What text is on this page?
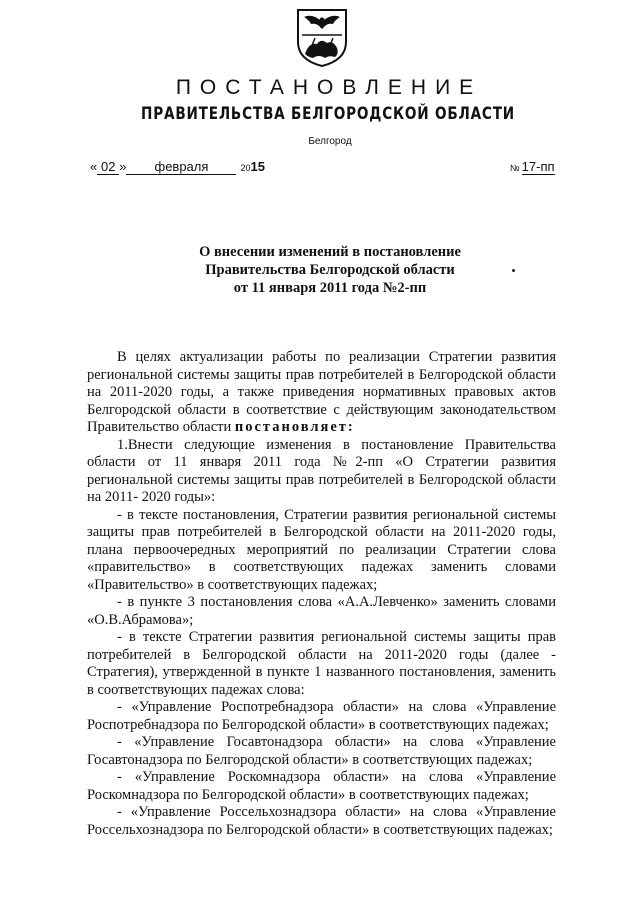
ПОСТАНОВЛЕНИЕ
ПРАВИТЕЛЬСТВА БЕЛГОРОДСКОЙ ОБЛАСТИ
Белгород
« 02 » февраля	2015	№ 17-пп
О внесении изменений в постановление
Правительства Белгородской области
от 11 января 2011 года №2-пп

В целях актуализации работы по реализации Стратегии развития региональной системы защиты прав потребителей в Белгородской области на 2011-2020 годы, а также приведения нормативных правовых актов Белгородской области в соответствие с действующим законодательством Правительство области постановляет:

1.Внести следующие изменения в постановление Правительства области от 11 января 2011 года №2-пп «О Стратегии развития региональной системы защиты прав потребителей в Белгородской области на 2011- 2020 годы»:

- в тексте постановления, Стратегии развития региональной системы защиты прав потребителей в Белгородской области на 2011-2020 годы, плана первоочередных мероприятий по реализации Стратегии слова «правительство» в соответствующих падежах заменить словами «Правительство» в соответствующих падежах;

- в пункте 3 постановления слова «А.А.Левченко» заменить словами «О.В.Абрамова»;

- в тексте Стратегии развития региональной системы защиты прав потребителей в Белгородской области на 2011-2020 годы (далее - Стратегия), утвержденной в пункте 1 названного постановления, заменить в соответствующих падежах слова:

- «Управление Роспотребнадзора области» на слова «Управление Роспотребнадзора по Белгородской области» в соответствующих падежах;

- «Управление Госавтонадзора области» на слова «Управление Госавтонадзора по Белгородской области» в соответствующих падежах;

- «Управление Роскомнадзора области» на слова «Управление Роскомнадзора по Белгородской области» в соответствующих падежах;

- «Управление Россельхознадзора области» на слова «Управление Россельхознадзора по Белгородской области» в соответствующих падежах;
